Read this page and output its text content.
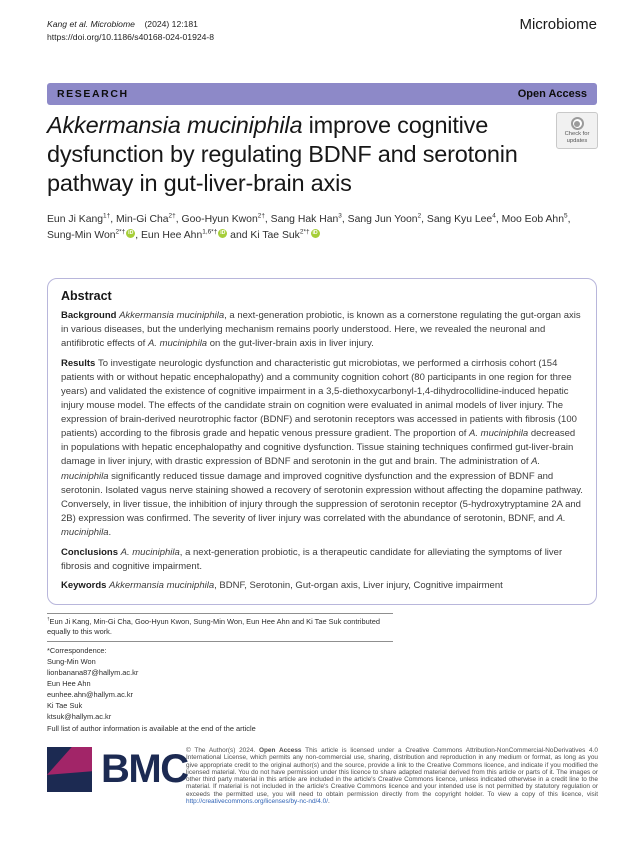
Kang et al. Microbiome    (2024) 12:181
https://doi.org/10.1186/s40168-024-01924-8
Microbiome
RESEARCH	Open Access
Check for updates
Akkermansia muciniphila improve cognitive dysfunction by regulating BDNF and serotonin pathway in gut-liver-brain axis
Eun Ji Kang$^{1\dagger}$, Min-Gi Cha$^{2\dagger}$, Goo-Hyun Kwon$^{2\dagger}$, Sang Hak Han$^3$, Sang Jun Yoon$^2$, Sang Kyu Lee$^4$, Moo Eob Ahn$^5$, Sung-Min Won$^{2*\dagger}$ iD , Eun Hee Ahn$^{1,6*\dagger}$ iD and Ki Tae Suk$^{2*\dagger}$ iD
Abstract

Background Akkermansia muciniphila, a next-generation probiotic, is known as a cornerstone regulating the gut-organ axis in various diseases, but the underlying mechanism remains poorly understood. Here, we revealed the neuronal and antifibrotic effects of A. muciniphila on the gut-liver-brain axis in liver injury.

Results To investigate neurologic dysfunction and characteristic gut microbiotas, we performed a cirrhosis cohort (154 patients with or without hepatic encephalopathy) and a community cognition cohort (80 participants in one region for three years) and validated the existence of cognitive impairment in a 3,5-diethoxycarbonyl-1,4-dihydrocollidine-induced hepatic injury mouse model. The effects of the candidate strain on cognition were evaluated in animal models of liver injury. The expression of brain-derived neurotrophic factor (BDNF) and serotonin receptors was accessed in patients with fibrosis (100 patients) according to the fibrosis grade and hepatic venous pressure gradient. The proportion of A. muciniphila decreased in populations with hepatic encephalopathy and cognitive dysfunction. Tissue staining techniques confirmed gut-liver-brain damage in liver injury, with drastic expression of BDNF and serotonin in the gut and brain. The administration of A. muciniphila significantly reduced tissue damage and improved cognitive dysfunction and the expression of BDNF and serotonin. Isolated vagus nerve staining showed a recovery of serotonin expression without affecting the dopamine pathway. Conversely, in liver tissue, the inhibition of injury through the suppression of serotonin receptor (5-hydroxytryptamine 2A and 2B) expression was confirmed. The severity of liver injury was correlated with the abundance of serotonin, BDNF, and A. muciniphila.

Conclusions A. muciniphila, a next-generation probiotic, is a therapeutic candidate for alleviating the symptoms of liver fibrosis and cognitive impairment.

Keywords Akkermansia muciniphila, BDNF, Serotonin, Gut-organ axis, Liver injury, Cognitive impairment

†Eun Ji Kang, Min-Gi Cha, Goo-Hyun Kwon, Sung-Min Won, Eun Hee Ahn and Ki Tae Suk contributed equally to this work.
*Correspondence:
Sung-Min Won
lionbanana87@hallym.ac.kr
Eun Hee Ahn
eunhee.ahn@hallym.ac.kr
Ki Tae Suk
ktsuk@hallym.ac.kr
Full list of author information is available at the end of the article
BMC
© The Author(s) 2024. Open Access This article is licensed under a Creative Commons Attribution-NonCommercial-NoDerivatives 4.0 International License, which permits any non-commercial use, sharing, distribution and reproduction in any medium or format, as long as you give appropriate credit to the original author(s) and the source, provide a link to the Creative Commons licence, and indicate if you modified the licensed material. You do not have permission under this licence to share adapted material derived from this article or parts of it. The images or other third party material in this article are included in the article's Creative Commons licence, unless indicated otherwise in a credit line to the material. If material is not included in the article's Creative Commons licence and your intended use is not permitted by statutory regulation or exceeds the permitted use, you will need to obtain permission directly from the copyright holder. To view a copy of this licence, visit http://creativecommons.org/licenses/by-nc-nd/4.0/.
